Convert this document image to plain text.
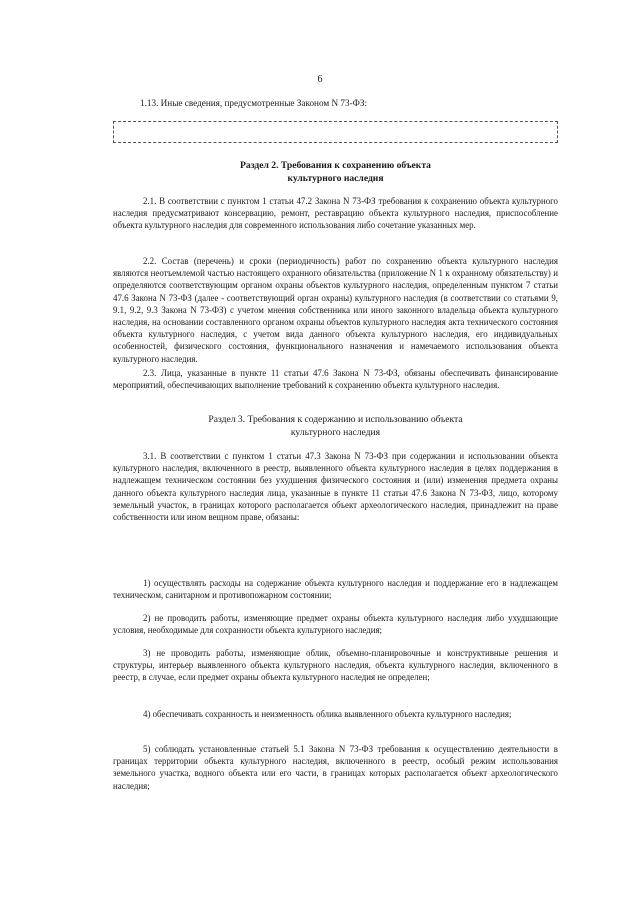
6
1.13. Иные сведения, предусмотренные Законом N 73-ФЗ:
Раздел 2. Требования к сохранению объекта
культурного наследия
2.1. В соответствии с пунктом 1 статьи 47.2 Закона N 73-ФЗ требования к сохранению объекта культурного наследия предусматривают консервацию, ремонт, реставрацию объекта культурного наследия, приспособление объекта культурного наследия для современного использования либо сочетание указанных мер.
2.2. Состав (перечень) и сроки (периодичность) работ по сохранению объекта культурного наследия являются неотъемлемой частью настоящего охранного обязательства (приложение N 1 к охранному обязательству) и определяются соответствующим органом охраны объектов культурного наследия, определенным пунктом 7 статьи 47.6 Закона N 73-ФЗ (далее - соответствующий орган охраны) культурного наследия (в соответствии со статьями 9, 9.1, 9.2, 9.3 Закона N 73-ФЗ) с учетом мнения собственника или иного законного владельца объекта культурного наследия, на основании составленного органом охраны объектов культурного наследия акта технического состояния объекта культурного наследия, с учетом вида данного объекта культурного наследия, его индивидуальных особенностей, физического состояния, функционального назначения и намечаемого использования объекта культурного наследия.
2.3. Лица, указанные в пункте 11 статьи 47.6 Закона N 73-ФЗ, обязаны обеспечивать финансирование мероприятий, обеспечивающих выполнение требований к сохранению объекта культурного наследия.
Раздел 3. Требования к содержанию и использованию объекта
культурного наследия
3.1. В соответствии с пунктом 1 статьи 47.3 Закона N 73-ФЗ при содержании и использовании объекта культурного наследия, включенного в реестр, выявленного объекта культурного наследия в целях поддержания в надлежащем техническом состоянии без ухудшения физического состояния и (или) изменения предмета охраны данного объекта культурного наследия лица, указанные в пункте 11 статьи 47.6 Закона N 73-ФЗ, лицо, которому земельный участок, в границах которого располагается объект археологического наследия, принадлежит на праве собственности или ином вещном праве, обязаны:
1) осуществлять расходы на содержание объекта культурного наследия и поддержание его в надлежащем техническом, санитарном и противопожарном состоянии;
2) не проводить работы, изменяющие предмет охраны объекта культурного наследия либо ухудшающие условия, необходимые для сохранности объекта культурного наследия;
3) не проводить работы, изменяющие облик, объемно-планировочные и конструктивные решения и структуры, интерьер выявленного объекта культурного наследия, объекта культурного наследия, включенного в реестр, в случае, если предмет охраны объекта культурного наследия не определен;
4) обеспечивать сохранность и неизменность облика выявленного объекта культурного наследия;
5) соблюдать установленные статьей 5.1 Закона N 73-ФЗ требования к осуществлению деятельности в границах территории объекта культурного наследия, включенного в реестр, особый режим использования земельного участка, водного объекта или его части, в границах которых располагается объект археологического наследия;
